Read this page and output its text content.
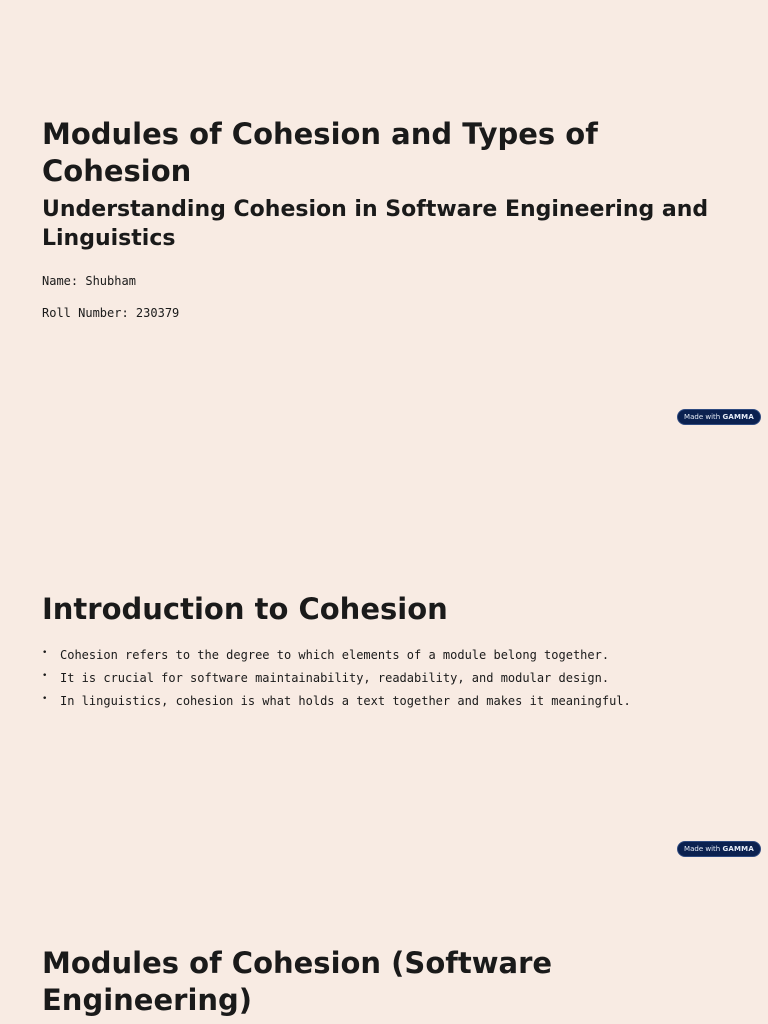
Modules of Cohesion and Types of Cohesion
Understanding Cohesion in Software Engineering and Linguistics

Name: Shubham

Roll Number: 230379

Made with GAMMA
Introduction to Cohesion
• Cohesion refers to the degree to which elements of a module belong together.
• It is crucial for software maintainability, readability, and modular design.
• In linguistics, cohesion is what holds a text together and makes it meaningful.
Made with GAMMA
Modules of Cohesion (Software Engineering)
